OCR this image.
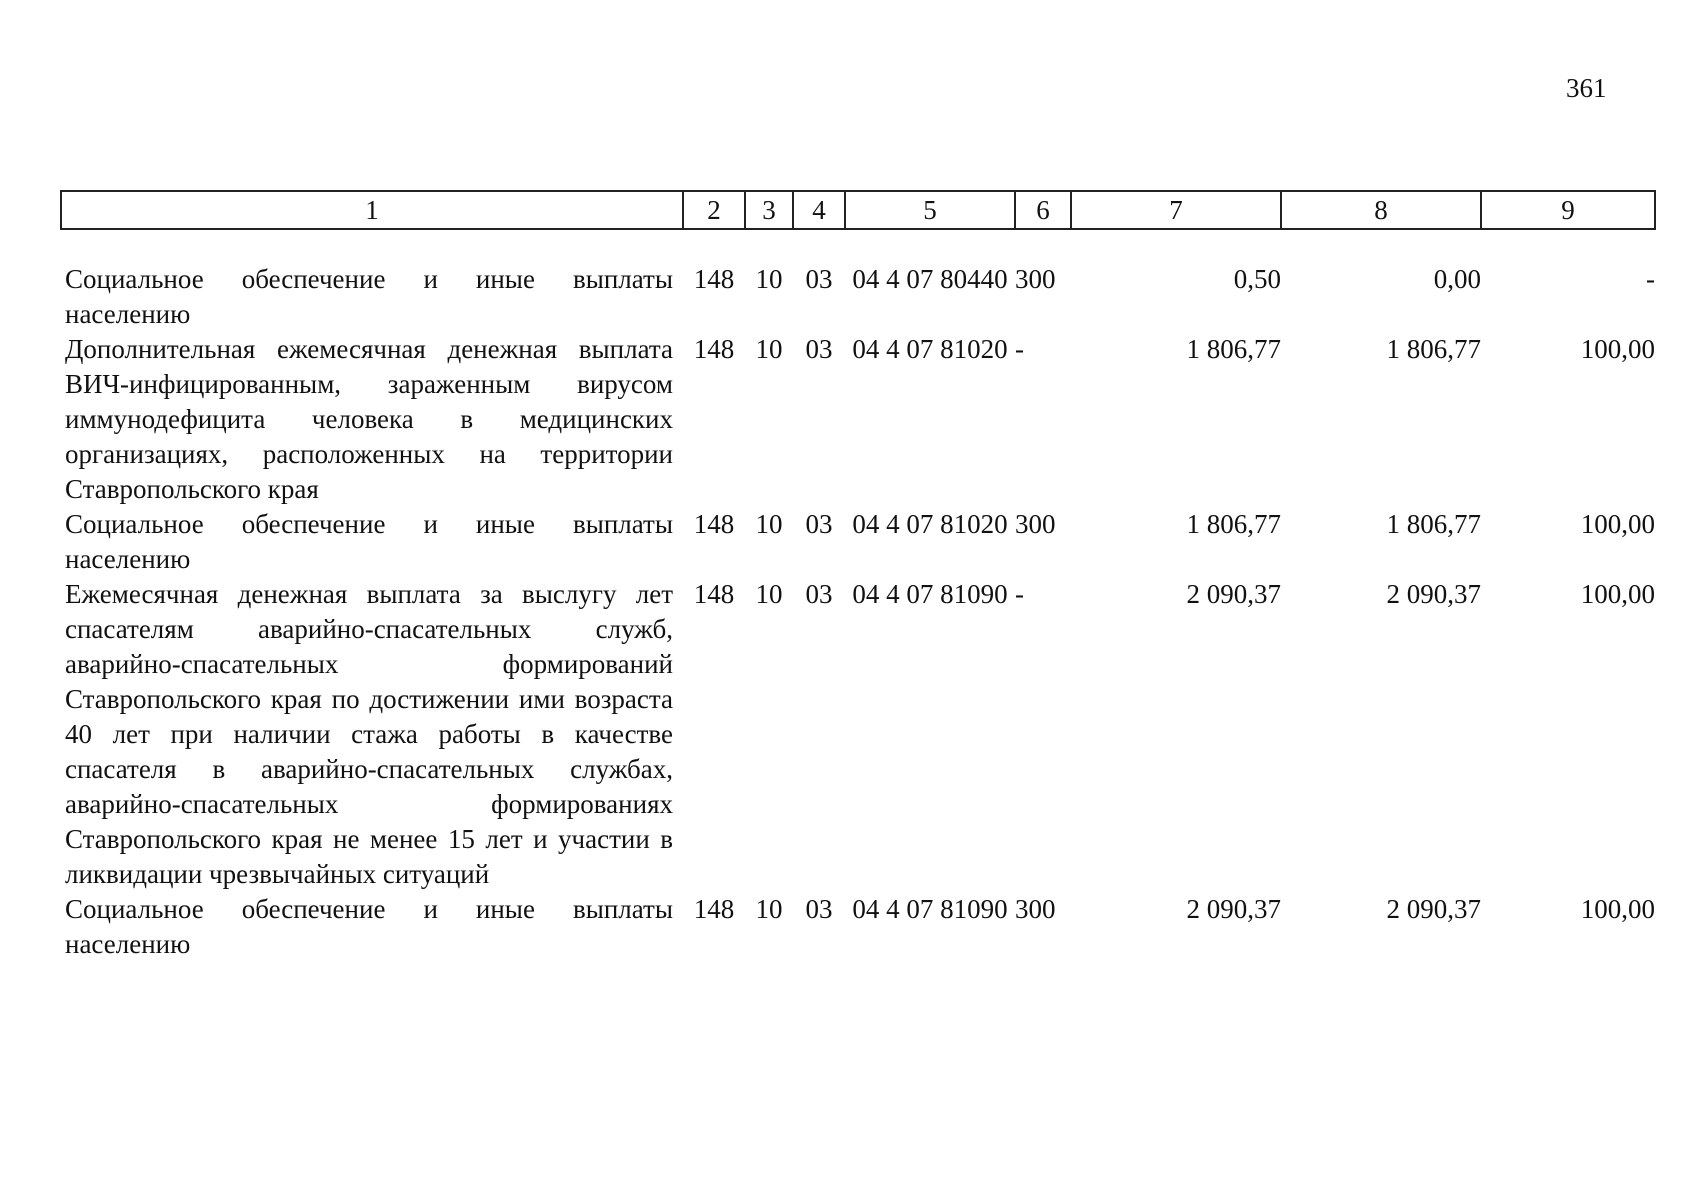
361
1	2	3	4	5	6	7	8	9
Социальное обеспечение и иные выплаты населению	148	10	03	04 4 07 80440	300	0,50	0,00	-
Дополнительная ежемесячная денежная выплата ВИЧ-инфицированным, зараженным вирусом иммунодефицита человека в медицинских организациях, расположенных на территории Ставропольского края	148	10	03	04 4 07 81020	-	1 806,77	1 806,77	100,00
Социальное обеспечение и иные выплаты населению	148	10	03	04 4 07 81020	300	1 806,77	1 806,77	100,00
Ежемесячная денежная выплата за выслугу лет спасателям аварийно-спасательных служб, аварийно-спасательных формирований Ставропольского края по достижении ими возраста 40 лет при наличии стажа работы в качестве спасателя в аварийно-спасательных службах, аварийно-спасательных формированиях Ставропольского края не менее 15 лет и участии в ликвидации чрезвычайных ситуаций	148	10	03	04 4 07 81090	-	2 090,37	2 090,37	100,00
Социальное обеспечение и иные выплаты населению	148	10	03	04 4 07 81090	300	2 090,37	2 090,37	100,00
